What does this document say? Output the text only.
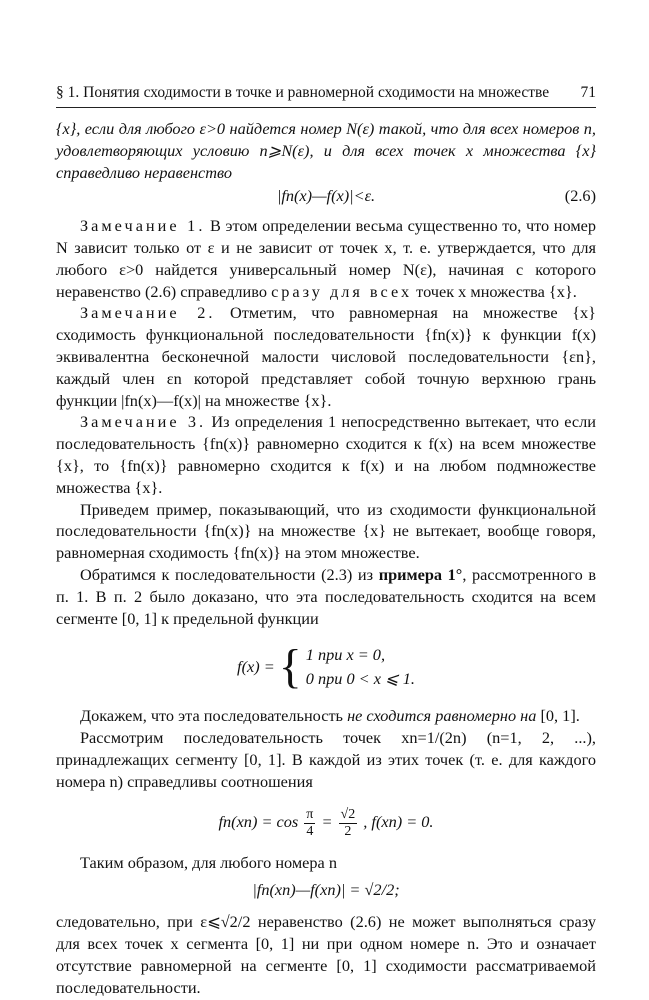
§ 1. Понятия сходимости в точке и равномерной сходимости на множестве 71

{x}, если для любого ε>0 найдется номер N(ε) такой, что для всех номеров n, удовлетворяющих условию n⩾N(ε), и для всех точек x множества {x} справедливо неравенство

|fn(x)—f(x)|<ε.	(2.6)

Замечание 1. В этом определении весьма существенно то, что номер N зависит только от ε и не зависит от точек x, т. е. утверждается, что для любого ε>0 найдется универсальный номер N(ε), начиная с которого неравенство (2.6) справедливо сразу для всех точек x множества {x}.

Замечание 2. Отметим, что равномерная на множестве {x} сходимость функциональной последовательности {fn(x)} к функции f(x) эквивалентна бесконечной малости числовой последовательности {εn}, каждый член εn которой представляет собой точную верхнюю грань функции |fn(x)—f(x)| на множестве {x}.

Замечание 3. Из определения 1 непосредственно вытекает, что если последовательность {fn(x)} равномерно сходится к f(x) на всем множестве {x}, то {fn(x)} равномерно сходится к f(x) и на любом подмножестве множества {x}.

Приведем пример, показывающий, что из сходимости функциональной последовательности {fn(x)} на множестве {x} не вытекает, вообще говоря, равномерная сходимость {fn(x)} на этом множестве.

Обратимся к последовательности (2.3) из примера 1°, рассмотренного в п. 1. В п. 2 было доказано, что эта последовательность сходится на всем сегменте [0, 1] к предельной функции

f(x) = { 1 при x = 0,
0 при 0 < x ⩽ 1.

Докажем, что эта последовательность не сходится равномерно на [0, 1].

Рассмотрим последовательность точек xn=1/(2n) (n=1, 2, ...), принадлежащих сегменту [0, 1]. В каждой из этих точек (т. е. для каждого номера n) справедливы соотношения

$fn(xn) = \cos \frac{\pi}{4} = \frac{√2}{2}$ , f(xn) = 0.

Таким образом, для любого номера n

|fn(xn)—f(xn)| = √2/2;

следовательно, при ε⩽√2/2 неравенство (2.6) не может выполняться сразу для всех точек x сегмента [0, 1] ни при одном номере n. Это и означает отсутствие равномерной на сегменте [0, 1] сходимости рассматриваемой последовательности.
